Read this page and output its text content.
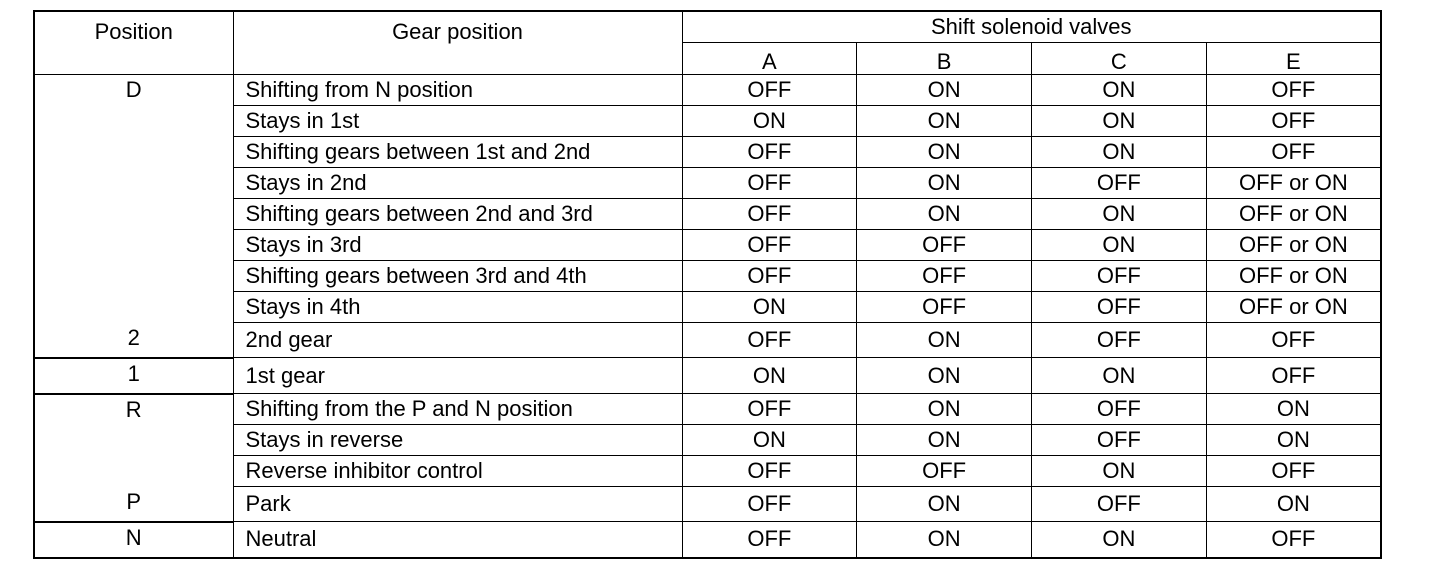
Position	Gear position	Shift solenoid valves			
		A	B	C	E
D	Shifting from N position	OFF	ON	ON	OFF
	Stays in 1st	ON	ON	ON	OFF
	Shifting gears between 1st and 2nd	OFF	ON	ON	OFF
	Stays in 2nd	OFF	ON	OFF	OFF or ON
	Shifting gears between 2nd and 3rd	OFF	ON	ON	OFF or ON
	Stays in 3rd	OFF	OFF	ON	OFF or ON
	Shifting gears between 3rd and 4th	OFF	OFF	OFF	OFF or ON
	Stays in 4th	ON	OFF	OFF	OFF or ON
2	2nd gear	OFF	ON	OFF	OFF
1	1st gear	ON	ON	ON	OFF
R	Shifting from the P and N position	OFF	ON	OFF	ON
	Stays in reverse	ON	ON	OFF	ON
	Reverse inhibitor control	OFF	OFF	ON	OFF
P	Park	OFF	ON	OFF	ON
N	Neutral	OFF	ON	ON	OFF
